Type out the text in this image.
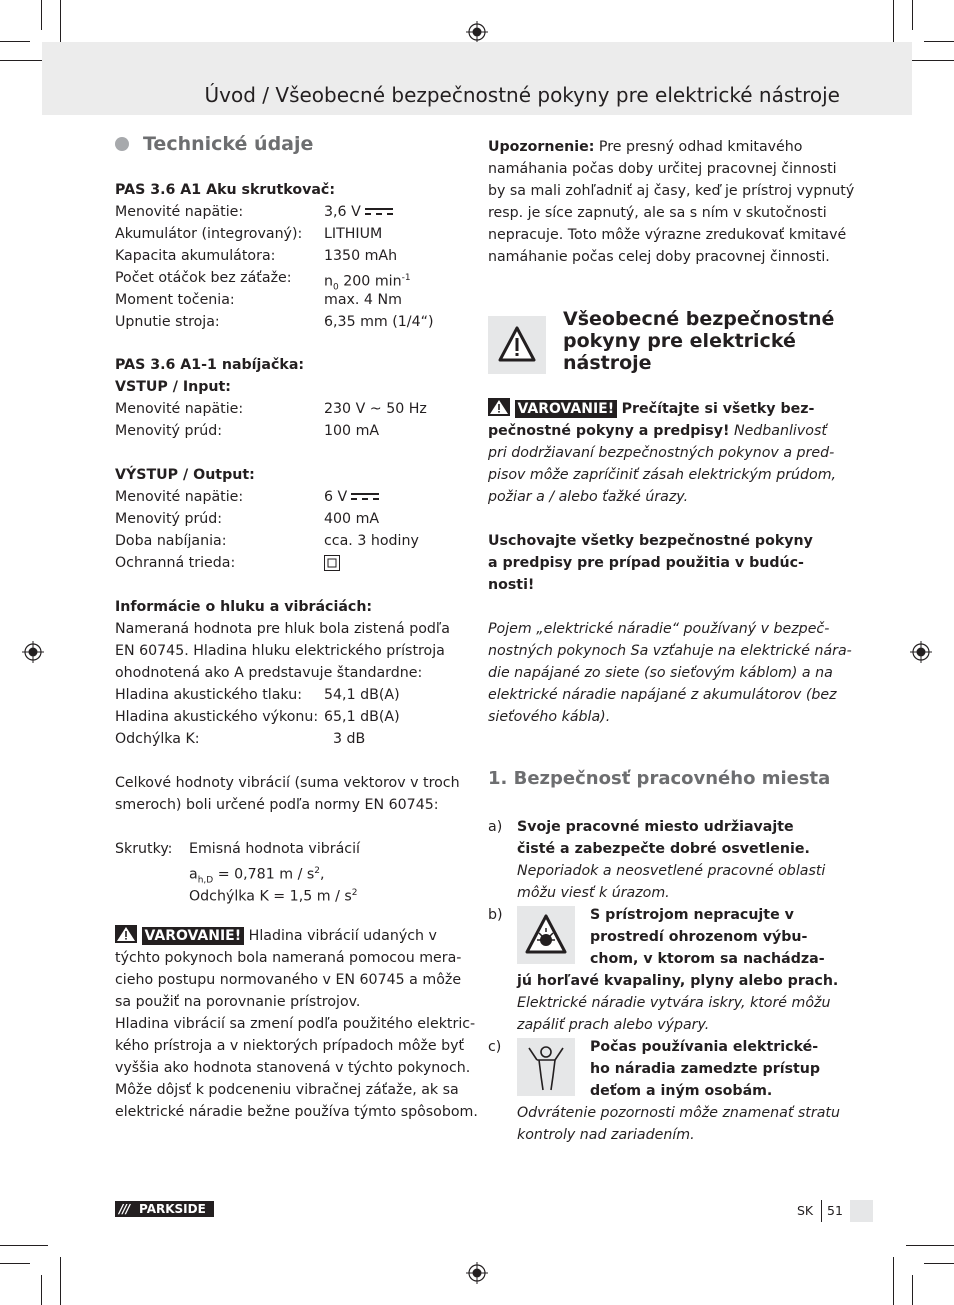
Úvod / Všeobecné bezpečnostné pokyny pre elektrické nástroje
Technické údaje
PAS 3.6 A1 Aku skrutkovač:
Menovité napätie:	3,6 V
Akumulátor (integrovaný): LITHIUM
Kapacita akumulátora:	1350 mAh
Počet otáčok bez záťaže: $n_0$ 200 $\min^{-1}$
Moment točenia:	max. 4 Nm
Upnutie stroja:	6,35 mm (1/4“)
PAS 3.6 A1-1 nabíjačka:
VSTUP / Input:
Menovité napätie:	230 V ~ 50 Hz
Menovitý prúd:	100 mA
VÝSTUP / Output:
Menovité napätie:	6 V
Menovitý prúd:	400 mA
Doba nabíjania:	cca. 3 hodiny
Ochranná trieda:
Informácie o hluku a vibráciách:
Nameraná hodnota pre hluk bola zistená podľa
EN 60745. Hladina hluku elektrického prístroja
ohodnotená ako A predstavuje štandardne:
Hladina akustického tlaku: 54,1 dB(A)
Hladina akustického výkonu: 65,1 dB(A)
Odchýlka K:	3 dB
Celkové hodnoty vibrácií (suma vektorov v troch
smeroch) boli určené podľa normy EN 60745:
Skrutky: Emisná hodnota vibrácií
$a_{h,D} = 0,781$ m / $s^2$,
Odchýlka K = 1,5 m / $s^2$
VAROVANIE! Hladina vibrácií udaných v
týchto pokynoch bola nameraná pomocou mera-
cieho postupu normovaného v EN 60745 a môže
sa použiť na porovnanie prístrojov.
Hladina vibrácií sa zmení podľa použitého elektric-
kého prístroja a v niektorých prípadoch môže byť
vyššia ako hodnota stanovená v týchto pokynoch.
Môže dôjsť k podceneniu vibračnej záťaže, ak sa
elektrické náradie bežne používa týmto spôsobom.
Upozornenie: Pre presný odhad kmitavého
namáhania počas doby určitej pracovnej činnosti
by sa mali zohľadniť aj časy, keď je prístroj vypnutý
resp. je síce zapnutý, ale sa s ním v skutočnosti
nepracuje. Toto môže výrazne zredukovať kmitavé
namáhanie počas celej doby pracovnej činnosti.
Všeobecné bezpečnostné
pokyny pre elektrické
nástroje
VAROVANIE! Prečítajte si všetky bez-
pečnostné pokyny a predpisy! Nedbanlivosť
pri dodržiavaní bezpečnostných pokynov a pred-
pisov môže zapríčiniť zásah elektrickým prúdom,
požiar a / alebo ťažké úrazy.
Uschovajte všetky bezpečnostné pokyny
a predpisy pre prípad použitia v budúc-
nosti!
Pojem „elektrické náradie“ používaný v bezpeč-
nostných pokynoch Sa vzťahuje na elektrické nára-
die napájané zo siete (so sieťovým káblom) a na
elektrické náradie napájané z akumulátorov (bez
sieťového kábla).
1. Bezpečnosť pracovného miesta
a) Svoje pracovné miesto udržiavajte
čisté a zabezpečte dobré osvetlenie.
Neporiadok a neosvetlené pracovné oblasti
môžu viesť k úrazom.
b)	S prístrojom nepracujte v
prostredí ohrozenom výbu-
chom, v ktorom sa nachádza-
jú horľavé kvapaliny, plyny alebo prach.
Elektrické náradie vytvára iskry, ktoré môžu
zapáliť prach alebo výpary.
c)	Počas používania elektrické-
ho náradia zamedzte prístup
deťom a iným osobám.
Odvrátenie pozornosti môže znamenať stratu
kontroly nad zariadením.
/// PARKSIDE	SK 51
